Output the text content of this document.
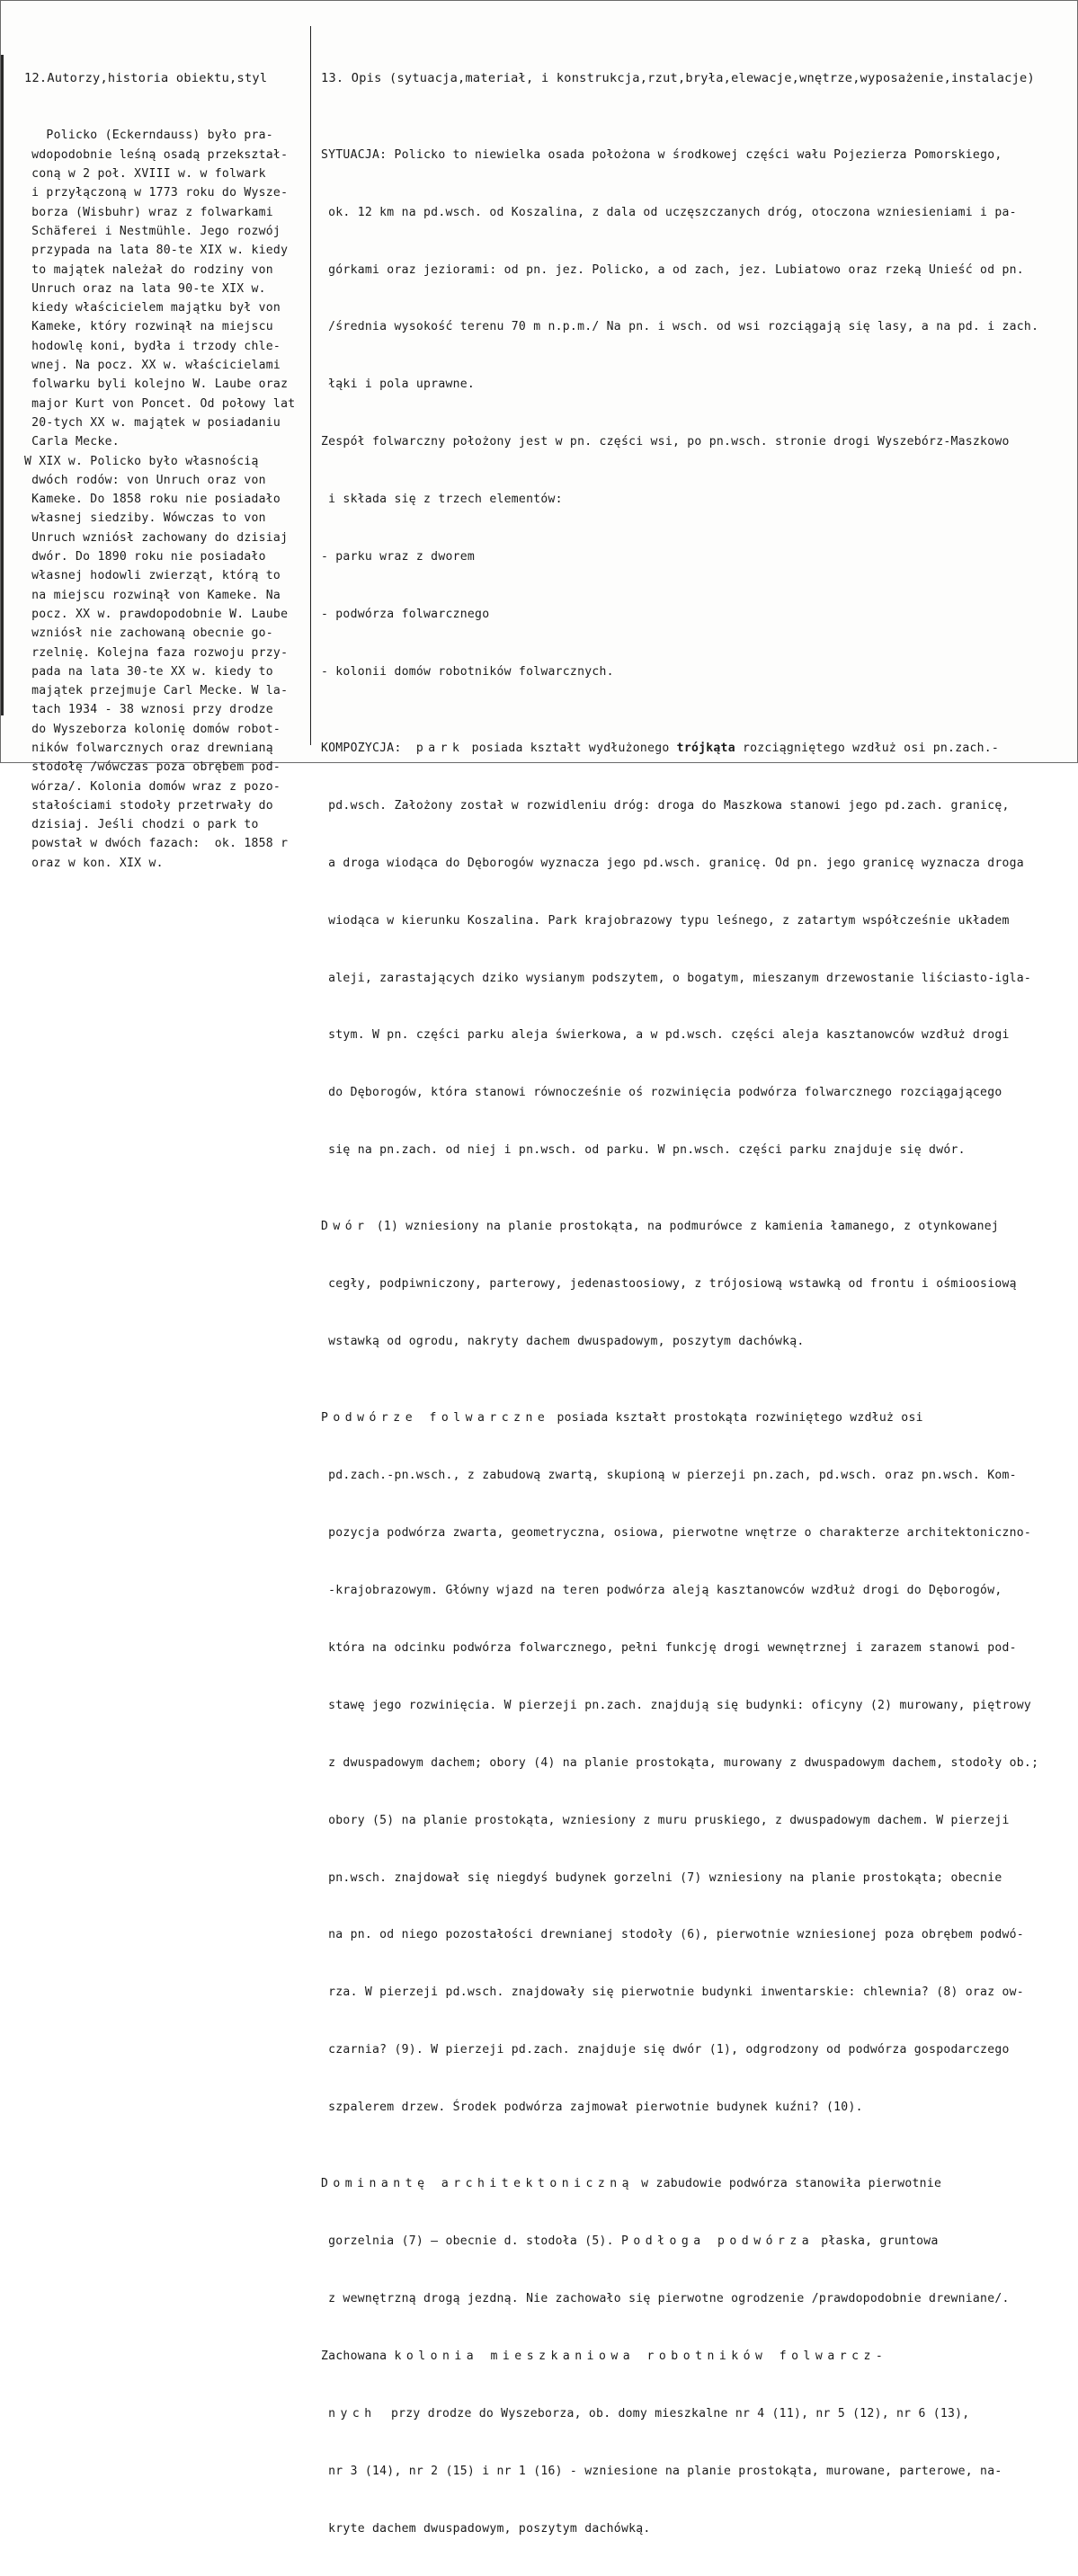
12.Autorzy,historia obiektu,styl

Policko (Eckerndauss) było pra-
wdopodobnie leśną osadą przekształ-
coną w 2 poł. XVIII w. w folwark
i przyłączoną w 1773 roku do Wysze-
borza (Wisbuhr) wraz z folwarkami
Schäferei i Nestmühle. Jego rozwój
przypada na lata 80-te XIX w. kiedy
to majątek należał do rodziny von
Unruch oraz na lata 90-te XIX w.
kiedy właścicielem majątku był von
Kameke, który rozwinął na miejscu
hodowlę koni, bydła i trzody chle-
wnej. Na pocz. XX w. właścicielami
folwarku byli kolejno W. Laube oraz
major Kurt von Poncet. Od połowy lat
20-tych XX w. majątek w posiadaniu
Carla Mecke.
W XIX w. Policko było własnością
dwóch rodów: von Unruch oraz von
Kameke. Do 1858 roku nie posiadało
własnej siedziby. Wówczas to von
Unruch wzniósł zachowany do dzisiaj
dwór. Do 1890 roku nie posiadało
własnej hodowli zwierząt, którą to
na miejscu rozwinął von Kameke. Na
pocz. XX w. prawdopodobnie W. Laube
wzniósł nie zachowaną obecnie go-
rzelnię. Kolejna faza rozwoju przy-
pada na lata 30-te XX w. kiedy to
majątek przejmuje Carl Mecke. W la-
tach 1934 - 38 wznosi przy drodze
do Wyszeborza kolonię domów robot-
ników folwarcznych oraz drewnianą
stodołę /wówczas poza obrębem pod-
wórza/. Kolonia domów wraz z pozo-
stałościami stodoły przetrwały do
dzisiaj. Jeśli chodzi o park to
powstał w dwóch fazach:  ok. 1858 r
oraz w kon. XIX w.

13. Opis (sytuacja,materiał, i konstrukcja,rzut,bryła,elewacje,wnętrze,wyposażenie,instalacje)

SYTUACJA: Policko to niewielka osada położona w środkowej części wału Pojezierza Pomorskiego,

ok. 12 km na pd.wsch. od Koszalina, z dala od uczęszczanych dróg, otoczona wzniesieniami i pa-

górkami oraz jeziorami: od pn. jez. Policko, a od zach, jez. Lubiatowo oraz rzeką Unieść od pn.

/średnia wysokość terenu 70 m n.p.m./ Na pn. i wsch. od wsi rozciągają się lasy, a na pd. i zach.

łąki i pola uprawne.

Zespół folwarczny położony jest w pn. części wsi, po pn.wsch. stronie drogi Wyszebórz-Maszkowo

i składa się z trzech elementów:

- parku wraz z dworem

- podwórza folwarcznego

- kolonii domów robotników folwarcznych.

KOMPOZYCJA: park posiada kształt wydłużonego trójkąta rozciągniętego wzdłuż osi pn.zach.-

pd.wsch. Założony został w rozwidleniu dróg: droga do Maszkowa stanowi jego pd.zach. granicę,

a droga wiodąca do Dęborogów wyznacza jego pd.wsch. granicę. Od pn. jego granicę wyznacza droga

wiodąca w kierunku Koszalina. Park krajobrazowy typu leśnego, z zatartym współcześnie układem

aleji, zarastających dziko wysianym podszytem, o bogatym, mieszanym drzewostanie liściasto-igla-

stym. W pn. części parku aleja świerkowa, a w pd.wsch. części aleja kasztanowców wzdłuż drogi

do Dęborogów, która stanowi równocześnie oś rozwinięcia podwórza folwarcznego rozciągającego

się na pn.zach. od niej i pn.wsch. od parku. W pn.wsch. części parku znajduje się dwór.

Dwór (1) wzniesiony na planie prostokąta, na podmurówce z kamienia łamanego, z otynkowanej

cegły, podpiwniczony, parterowy, jedenastoosiowy, z trójosiową wstawką od frontu i ośmioosiową

wstawką od ogrodu, nakryty dachem dwuspadowym, poszytym dachówką.

Podwórze folwarczne posiada kształt prostokąta rozwiniętego wzdłuż osi

pd.zach.-pn.wsch., z zabudową zwartą, skupioną w pierzeji pn.zach, pd.wsch. oraz pn.wsch. Kom-

pozycja podwórza zwarta, geometryczna, osiowa, pierwotne wnętrze o charakterze architektoniczno-

-krajobrazowym. Główny wjazd na teren podwórza aleją kasztanowców wzdłuż drogi do Dęborogów,

która na odcinku podwórza folwarcznego, pełni funkcję drogi wewnętrznej i zarazem stanowi pod-

stawę jego rozwinięcia. W pierzeji pn.zach. znajdują się budynki: oficyny (2) murowany, piętrowy

z dwuspadowym dachem; obory (4) na planie prostokąta, murowany z dwuspadowym dachem, stodoły ob.;

obory (5) na planie prostokąta, wzniesiony z muru pruskiego, z dwuspadowym dachem. W pierzeji

pn.wsch. znajdował się niegdyś budynek gorzelni (7) wzniesiony na planie prostokąta; obecnie

na pn. od niego pozostałości drewnianej stodoły (6), pierwotnie wzniesionej poza obrębem podwó-

rza. W pierzeji pd.wsch. znajdowały się pierwotnie budynki inwentarskie: chlewnia? (8) oraz ow-

czarnia? (9). W pierzeji pd.zach. znajduje się dwór (1), odgrodzony od podwórza gospodarczego

szpalerem drzew. Środek podwórza zajmował pierwotnie budynek kuźni? (10).

Dominantę architektoniczną w zabudowie podwórza stanowiła pierwotnie

gorzelnia (7) – obecnie d. stodoła (5). Podłoga podwórza płaska, gruntowa

z wewnętrzną drogą jezdną. Nie zachowało się pierwotne ogrodzenie /prawdopodobnie drewniane/.

Zachowana kolonia mieszkaniowa robotników folwarcz-

nych  przy drodze do Wyszeborza, ob. domy mieszkalne nr 4 (11), nr 5 (12), nr 6 (13),

nr 3 (14), nr 2 (15) i nr 1 (16) - wzniesione na planie prostokąta, murowane, parterowe, na-

kryte dachem dwuspadowym, poszytym dachówką.
